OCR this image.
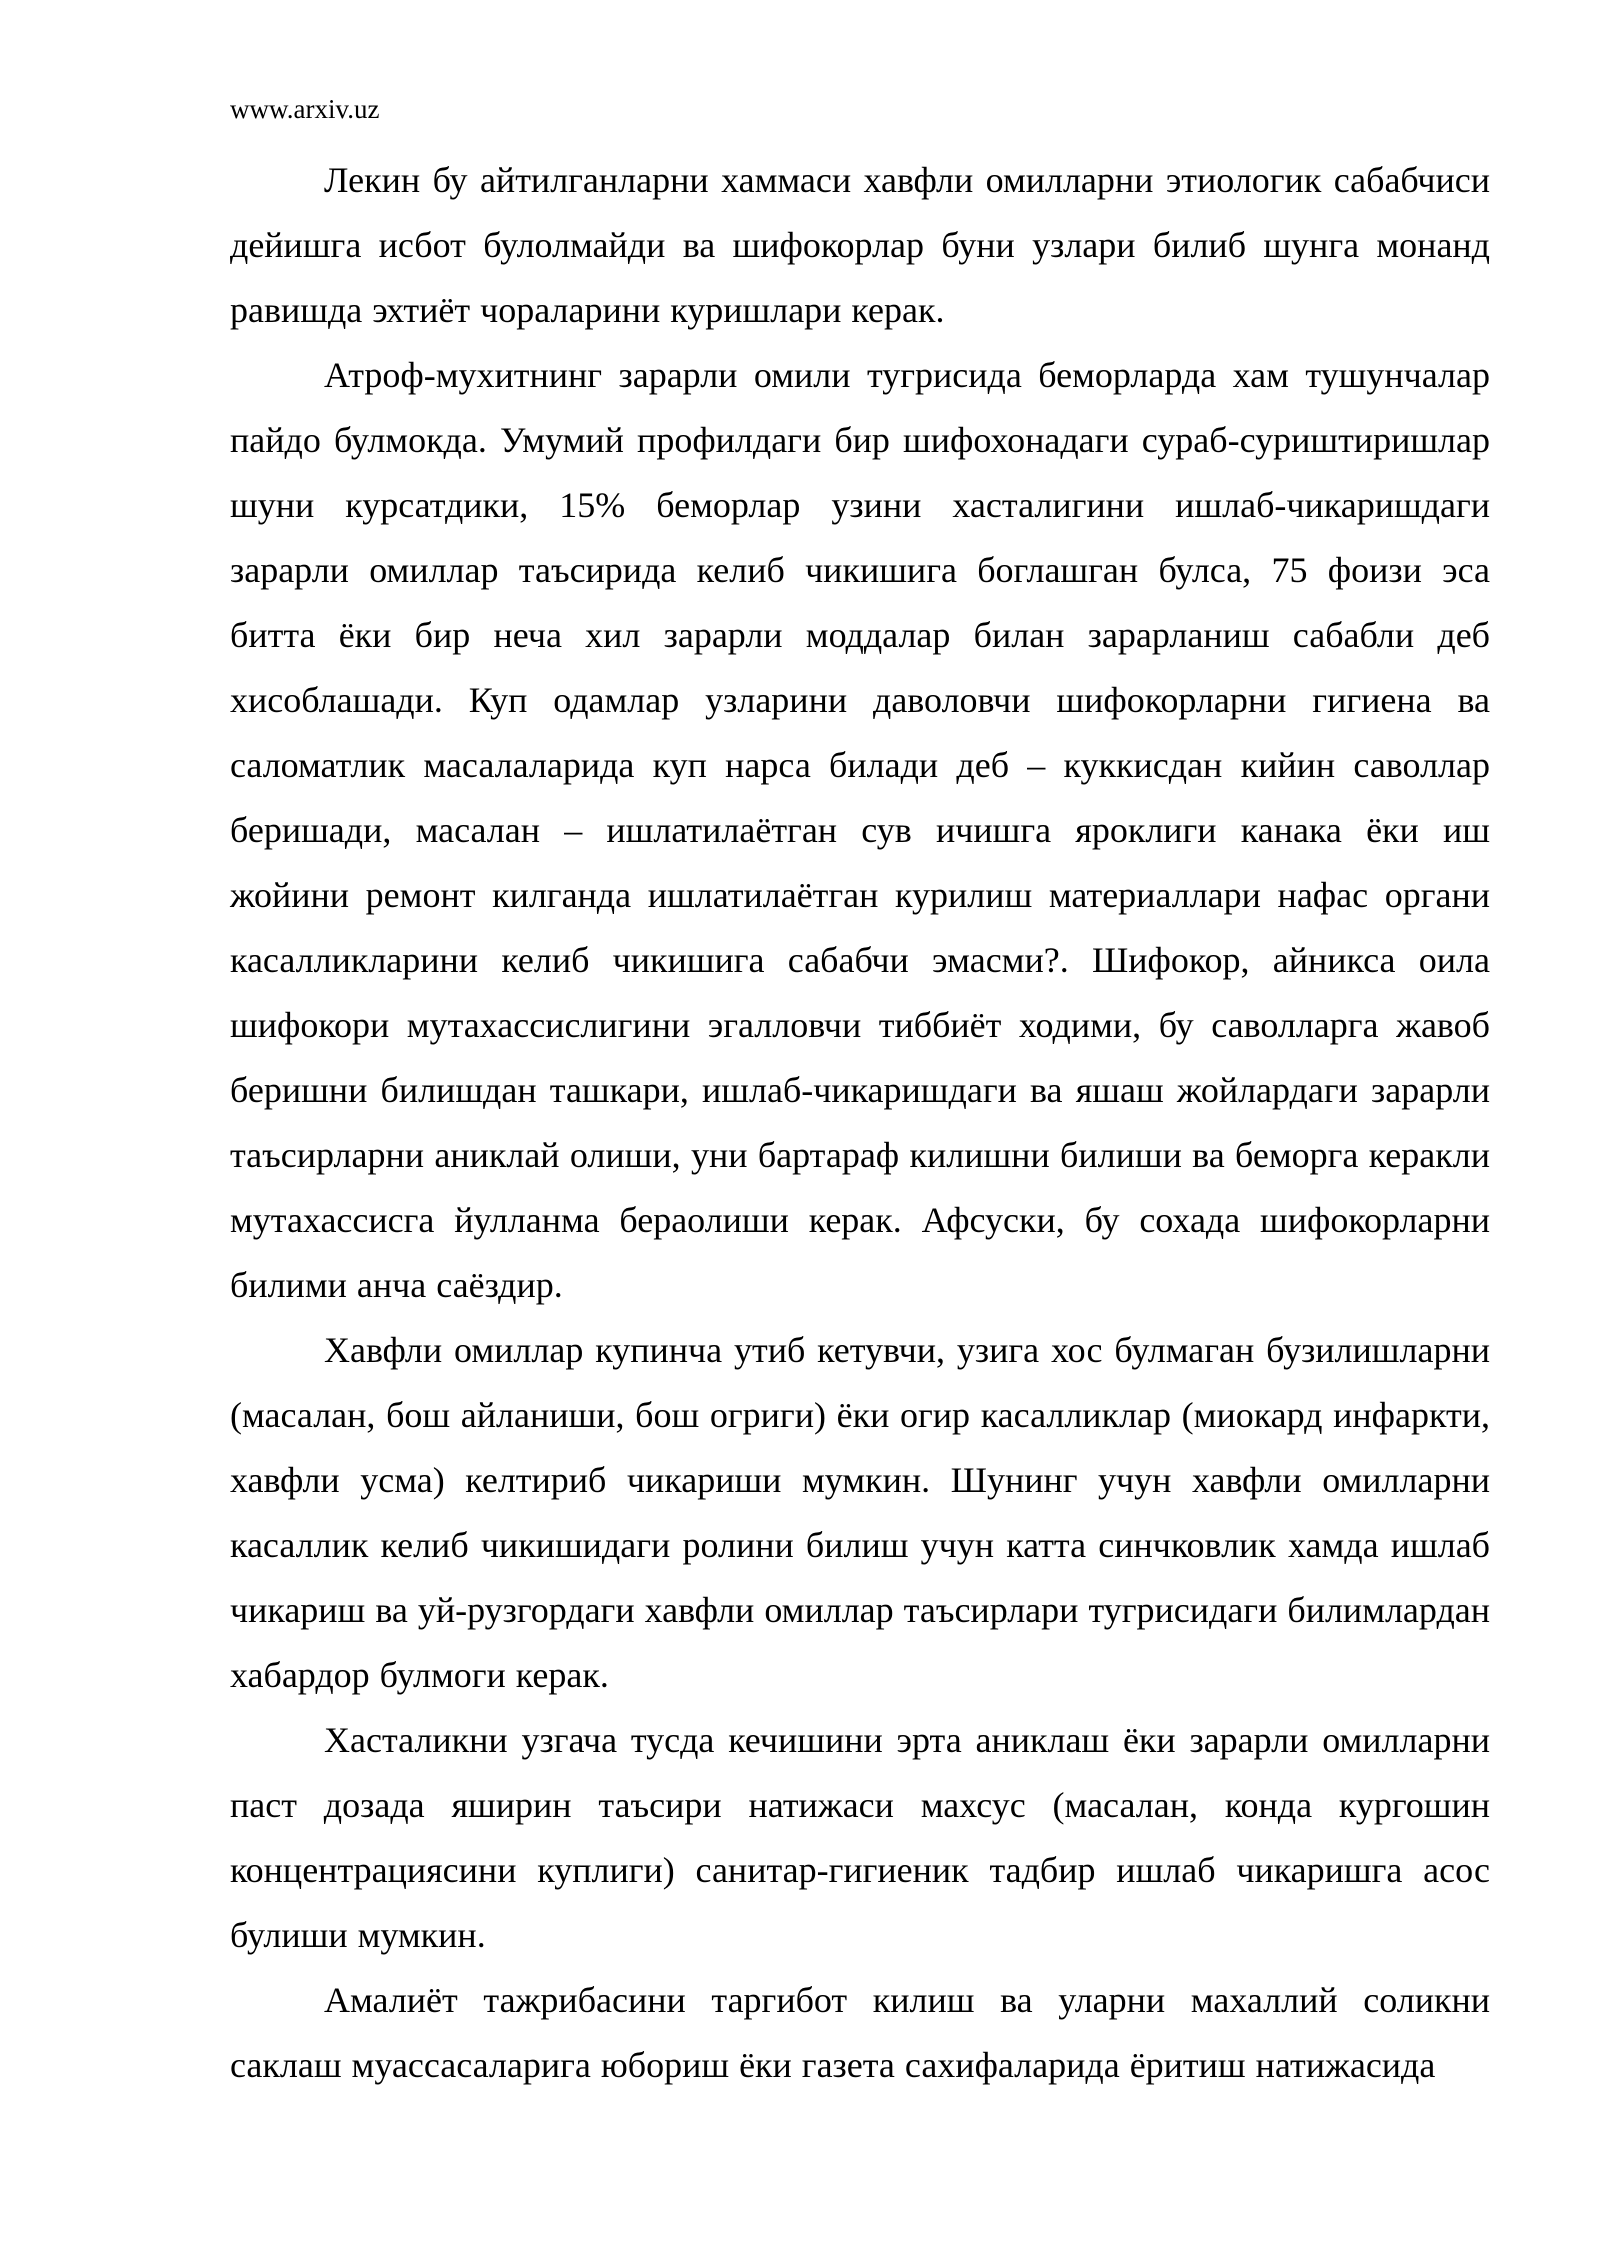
www.arxiv.uz

Лекин бу айтилганларни хаммаси хавфли омилларни этиологик сабабчиси дейишга исбот булолмайди ва шифокорлар буни узлари билиб шунга монанд равишда эхтиёт чораларини куришлари керак.

Атроф-мухитнинг зарарли омили тугрисида беморларда хам тушунчалар пайдо булмокда. Умумий профилдаги бир шифохонадаги сураб-суриштиришлар шуни курсатдики, 15% беморлар узини хасталигини ишлаб-чикаришдаги зарарли омиллар таъсирида келиб чикишига боглашган булса, 75 фоизи эса битта ёки бир неча хил зарарли моддалар билан зарарланиш сабабли деб хисоблашади. Куп одамлар узларини даволовчи шифокорларни гигиена ва саломатлик масалаларида куп нарса билади деб – куккисдан кийин саволлар беришади, масалан – ишлатилаётган сув ичишга яроклиги канака ёки иш жойини ремонт килганда ишлатилаётган курилиш материаллари нафас органи касалликларини келиб чикишига сабабчи эмасми?. Шифокор, айникса оила шифокори мутахассислигини эгалловчи тиббиёт ходими, бу саволларга жавоб беришни билишдан ташкари, ишлаб-чикаришдаги ва яшаш жойлардаги зарарли таъсирларни аниклай олиши, уни бартараф килишни билиши ва беморга керакли мутахассисга йулланма бераолиши керак. Афсуски, бу сохада шифокорларни билими анча саёздир.

Хавфли омиллар купинча утиб кетувчи, узига хос булмаган бузилишларни (масалан, бош айланиши, бош огриги) ёки огир касалликлар (миокард инфаркти, хавфли усма) келтириб чикариши мумкин. Шунинг учун хавфли омилларни касаллик келиб чикишидаги ролини билиш учун катта синчковлик хамда ишлаб чикариш ва уй-рузгордаги хавфли омиллар таъсирлари тугрисидаги билимлардан хабардор булмоги керак.

Хасталикни узгача тусда кечишини эрта аниклаш ёки зарарли омилларни паст дозада яширин таъсири натижаси махсус (масалан, конда кургошин концентрациясини куплиги) санитар-гигиеник тадбир ишлаб чикаришга асос булиши мумкин.

Амалиёт тажрибасини таргибот килиш ва уларни махаллий соликни саклаш муассасаларига юбориш ёки газета сахифаларида ёритиш натижасида
